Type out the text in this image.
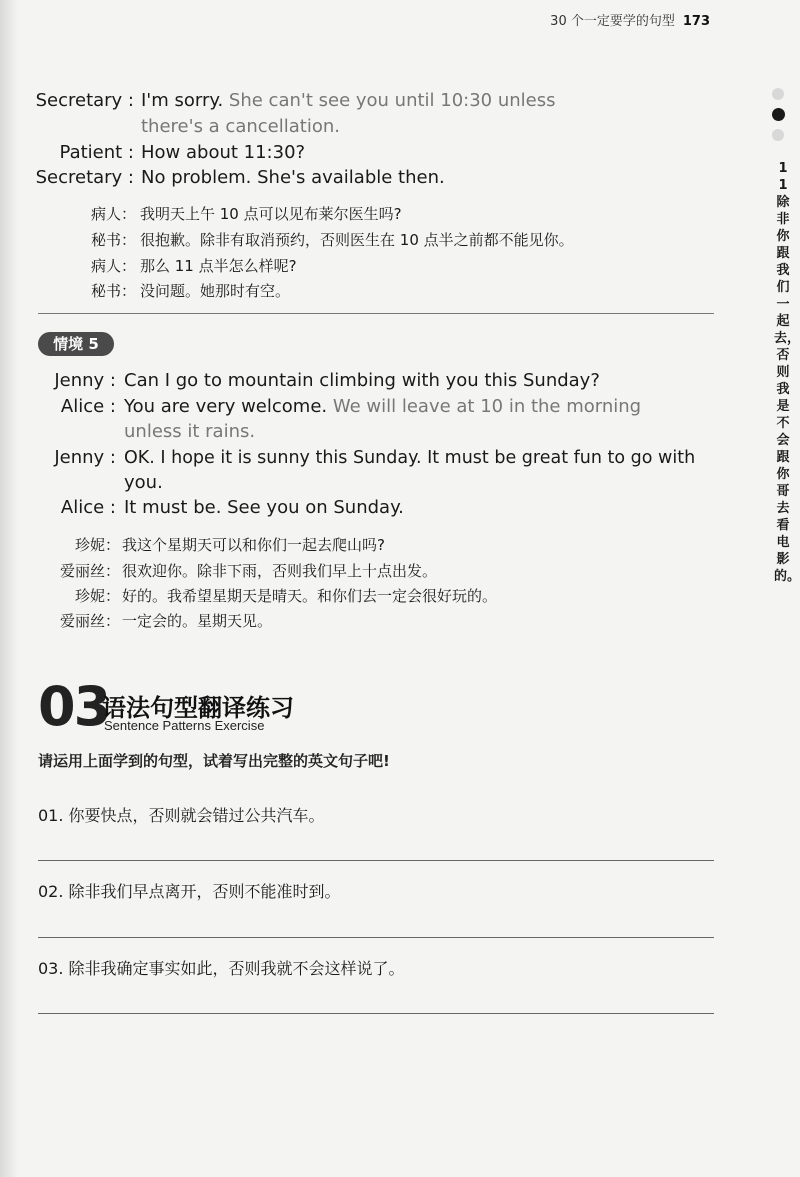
30 个一定要学的句型 173
11 除非你跟我们一起去，否则我是不会跟你哥去看电影的。
Secretary : I'm sorry. She can't see you until 10:30 unless
there's a cancellation.
Patient : How about 11:30?
Secretary : No problem. She's available then.
病人： 我明天上午 10 点可以见布莱尔医生吗?
秘书： 很抱歉。除非有取消预约，否则医生在 10 点半之前都不能见你。
病人： 那么 11 点半怎么样呢?
秘书： 没问题。她那时有空。
情境 5
Jenny : Can I go to mountain climbing with you this Sunday?
Alice : You are very welcome. We will leave at 10 in the morning
unless it rains.
Jenny : OK. I hope it is sunny this Sunday. It must be great fun to go with
you.
Alice : It must be. See you on Sunday.
珍妮： 我这个星期天可以和你们一起去爬山吗?
爱丽丝： 很欢迎你。除非下雨，否则我们早上十点出发。
珍妮： 好的。我希望星期天是晴天。和你们去一定会很好玩的。
爱丽丝： 一定会的。星期天见。
03
语法句型翻译练习
Sentence Patterns Exercise
请运用上面学到的句型，试着写出完整的英文句子吧!
01. 你要快点，否则就会错过公共汽车。
02. 除非我们早点离开，否则不能准时到。
03. 除非我确定事实如此，否则我就不会这样说了。
